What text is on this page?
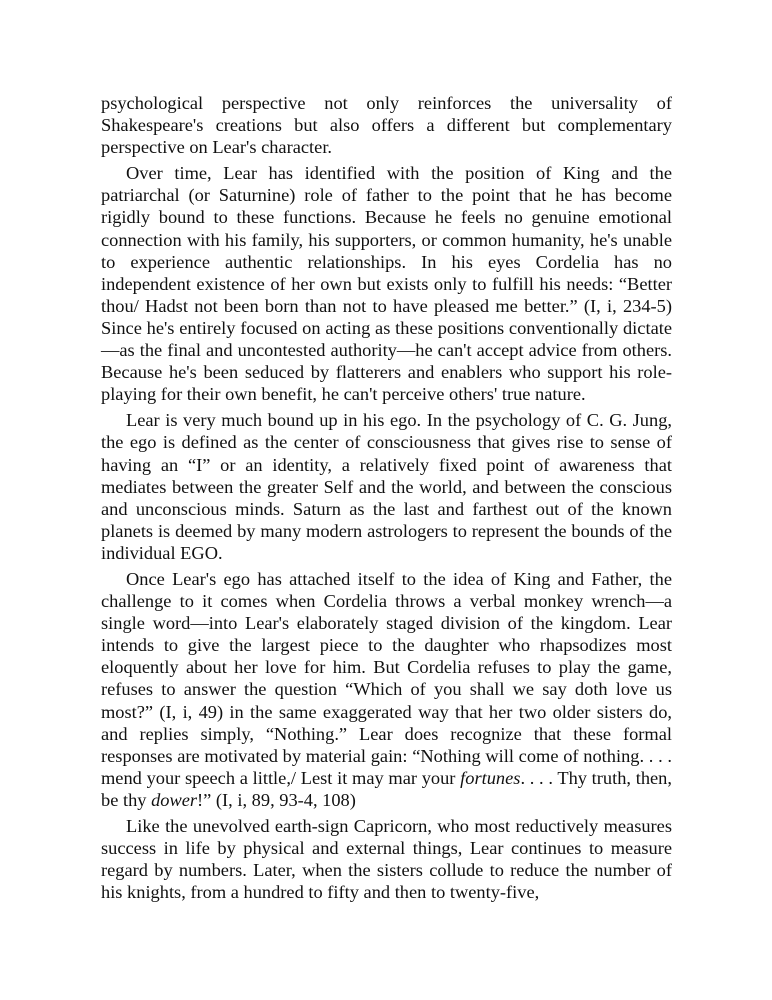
psychological perspective not only reinforces the universality of Shakespeare's creations but also offers a different but complementary perspective on Lear's character.

Over time, Lear has identified with the position of King and the patriarchal (or Saturnine) role of father to the point that he has become rigidly bound to these functions. Because he feels no genuine emotional connection with his family, his supporters, or common humanity, he's unable to experience authentic relationships. In his eyes Cordelia has no independent existence of her own but exists only to fulfill his needs: “Better thou/ Hadst not been born than not to have pleased me better.” (I, i, 234-5) Since he's entirely focused on acting as these positions conventionally dictate—as the final and uncontested authority—he can't accept advice from others. Because he's been seduced by flatterers and enablers who support his role-playing for their own benefit, he can't perceive others' true nature.

Lear is very much bound up in his ego. In the psychology of C. G. Jung, the ego is defined as the center of consciousness that gives rise to sense of having an “I” or an identity, a relatively fixed point of awareness that mediates between the greater Self and the world, and between the conscious and unconscious minds. Saturn as the last and farthest out of the known planets is deemed by many modern astrologers to represent the bounds of the individual EGO.

Once Lear's ego has attached itself to the idea of King and Father, the challenge to it comes when Cordelia throws a verbal monkey wrench—a single word—into Lear's elaborately staged division of the kingdom. Lear intends to give the largest piece to the daughter who rhapsodizes most eloquently about her love for him. But Cordelia refuses to play the game, refuses to answer the question “Which of you shall we say doth love us most?” (I, i, 49) in the same exaggerated way that her two older sisters do, and replies simply, “Nothing.” Lear does recognize that these formal responses are motivated by material gain: “Nothing will come of nothing. . . . mend your speech a little,/ Lest it may mar your fortunes. . . . Thy truth, then, be thy dower!” (I, i, 89, 93-4, 108)

Like the unevolved earth-sign Capricorn, who most reductively measures success in life by physical and external things, Lear continues to measure regard by numbers. Later, when the sisters collude to reduce the number of his knights, from a hundred to fifty and then to twenty-five,
